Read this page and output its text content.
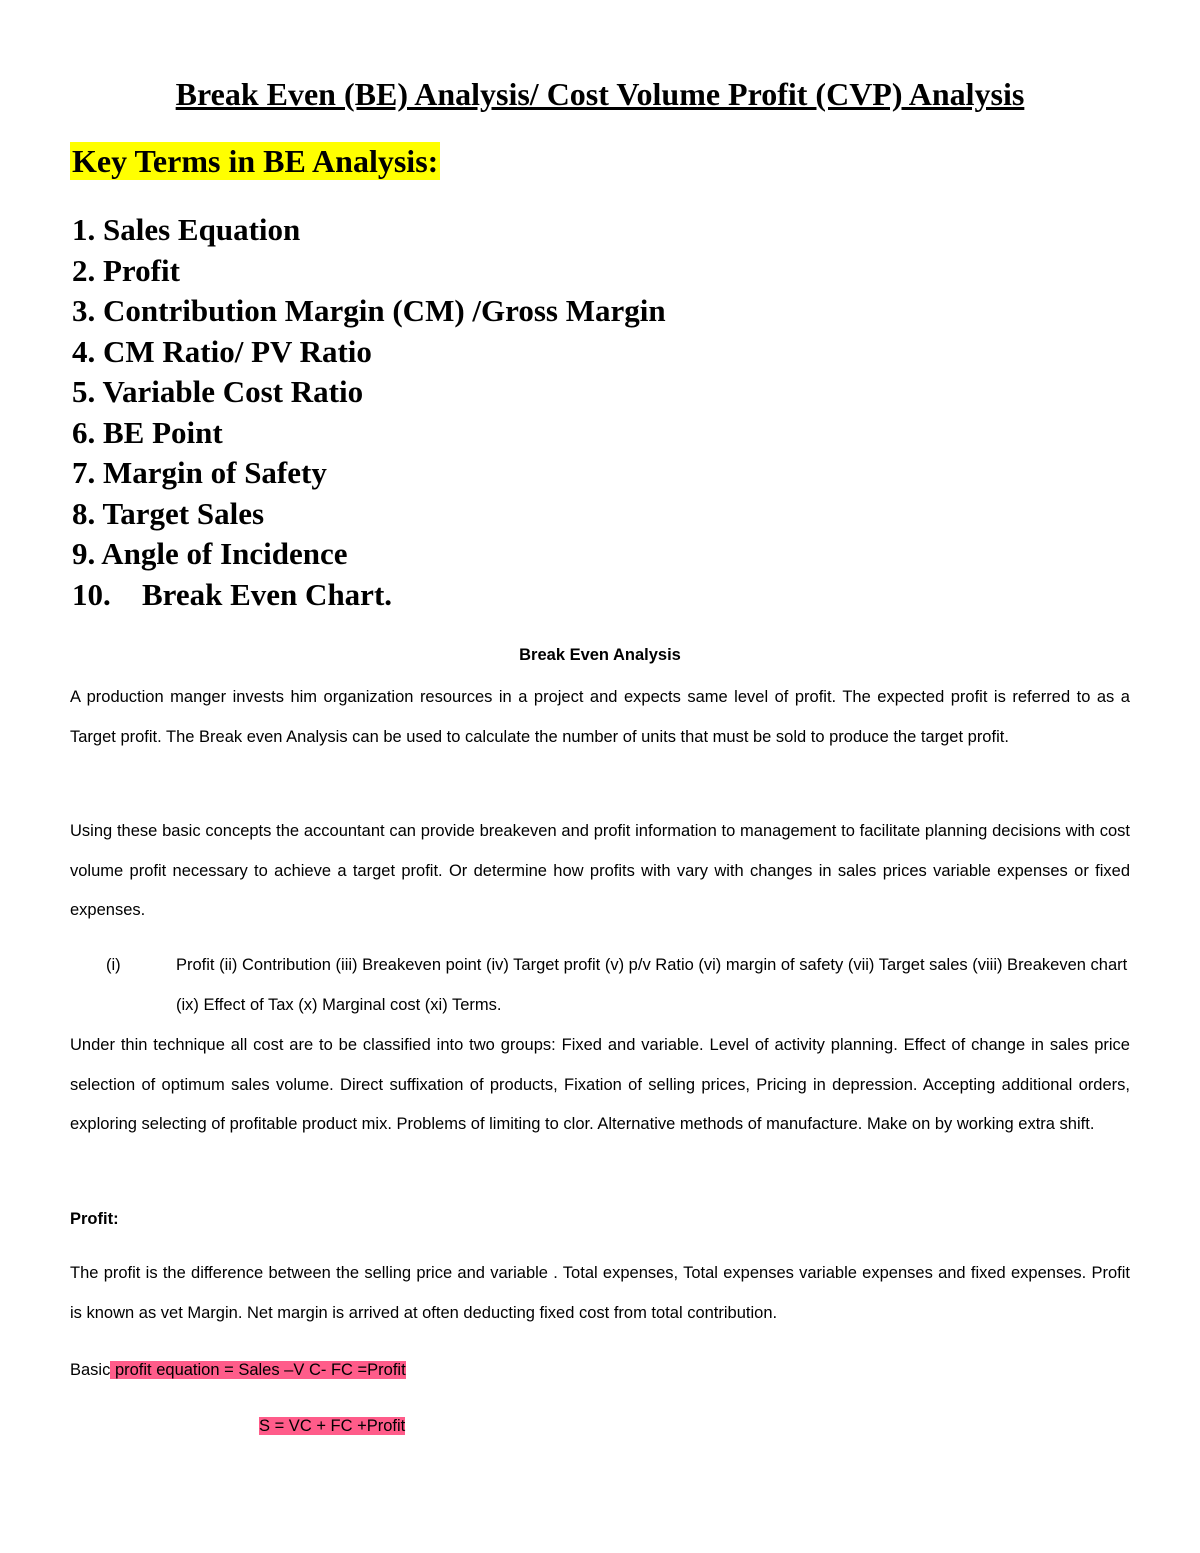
Break Even (BE) Analysis/ Cost Volume Profit (CVP) Analysis
Key Terms in BE Analysis:
1. Sales Equation
2. Profit
3. Contribution Margin (CM) /Gross Margin
4. CM Ratio/ PV Ratio
5. Variable Cost Ratio
6. BE Point
7. Margin of Safety
8. Target Sales
9. Angle of Incidence
10. Break Even Chart.
Break Even Analysis

A production manger invests him organization resources in a project and expects same level of profit. The expected profit is referred to as a Target profit. The Break even Analysis can be used to calculate the number of units that must be sold to produce the target profit.

Using these basic concepts the accountant can provide breakeven and profit information to management to facilitate planning decisions with cost volume profit necessary to achieve a target profit. Or determine how profits with vary with changes in sales prices variable expenses or fixed expenses.

(i)	Profit (ii) Contribution (iii) Breakeven point (iv) Target profit (v) p/v Ratio (vi) margin of safety (vii) Target sales (viii) Breakeven chart (ix) Effect of Tax (x) Marginal cost (xi) Terms.

Under thin technique all cost are to be classified into two groups: Fixed and variable. Level of activity planning. Effect of change in sales price selection of optimum sales volume. Direct suffixation of products, Fixation of selling prices, Pricing in depression. Accepting additional orders, exploring selecting of profitable product mix. Problems of limiting to clor. Alternative methods of manufacture. Make on by working extra shift.

Profit:

The profit is the difference between the selling price and variable . Total expenses, Total expenses variable expenses and fixed expenses. Profit is known as vet Margin. Net margin is arrived at often deducting fixed cost from total contribution.

Basic profit equation = Sales –V C- FC =Profit

S = VC + FC +Profit
